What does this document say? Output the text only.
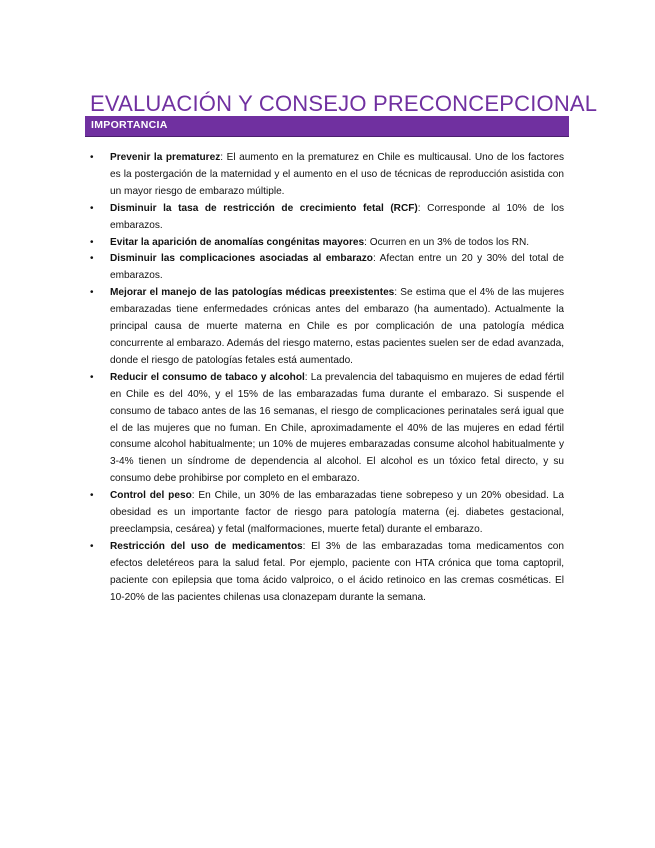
EVALUACIÓN Y CONSEJO PRECONCEPCIONAL
IMPORTANCIA
• Prevenir la prematurez: El aumento en la prematurez en Chile es multicausal. Uno de los factores es la postergación de la maternidad y el aumento en el uso de técnicas de reproducción asistida con un mayor riesgo de embarazo múltiple.
• Disminuir la tasa de restricción de crecimiento fetal (RCF): Corresponde al 10% de los embarazos.
• Evitar la aparición de anomalías congénitas mayores: Ocurren en un 3% de todos los RN.
• Disminuir las complicaciones asociadas al embarazo: Afectan entre un 20 y 30% del total de embarazos.
• Mejorar el manejo de las patologías médicas preexistentes: Se estima que el 4% de las mujeres embarazadas tiene enfermedades crónicas antes del embarazo (ha aumentado). Actualmente la principal causa de muerte materna en Chile es por complicación de una patología médica concurrente al embarazo. Además del riesgo materno, estas pacientes suelen ser de edad avanzada, donde el riesgo de patologías fetales está aumentado.
• Reducir el consumo de tabaco y alcohol: La prevalencia del tabaquismo en mujeres de edad fértil en Chile es del 40%, y el 15% de las embarazadas fuma durante el embarazo. Si suspende el consumo de tabaco antes de las 16 semanas, el riesgo de complicaciones perinatales será igual que el de las mujeres que no fuman. En Chile, aproximadamente el 40% de las mujeres en edad fértil consume alcohol habitualmente; un 10% de mujeres embarazadas consume alcohol habitualmente y 3-4% tienen un síndrome de dependencia al alcohol. El alcohol es un tóxico fetal directo, y su consumo debe prohibirse por completo en el embarazo.
• Control del peso: En Chile, un 30% de las embarazadas tiene sobrepeso y un 20% obesidad. La obesidad es un importante factor de riesgo para patología materna (ej. diabetes gestacional, preeclampsia, cesárea) y fetal (malformaciones, muerte fetal) durante el embarazo.
• Restricción del uso de medicamentos: El 3% de las embarazadas toma medicamentos con efectos deletéreos para la salud fetal. Por ejemplo, paciente con HTA crónica que toma captopril, paciente con epilepsia que toma ácido valproico, o el ácido retinoico en las cremas cosméticas. El 10-20% de las pacientes chilenas usa clonazepam durante la semana.
